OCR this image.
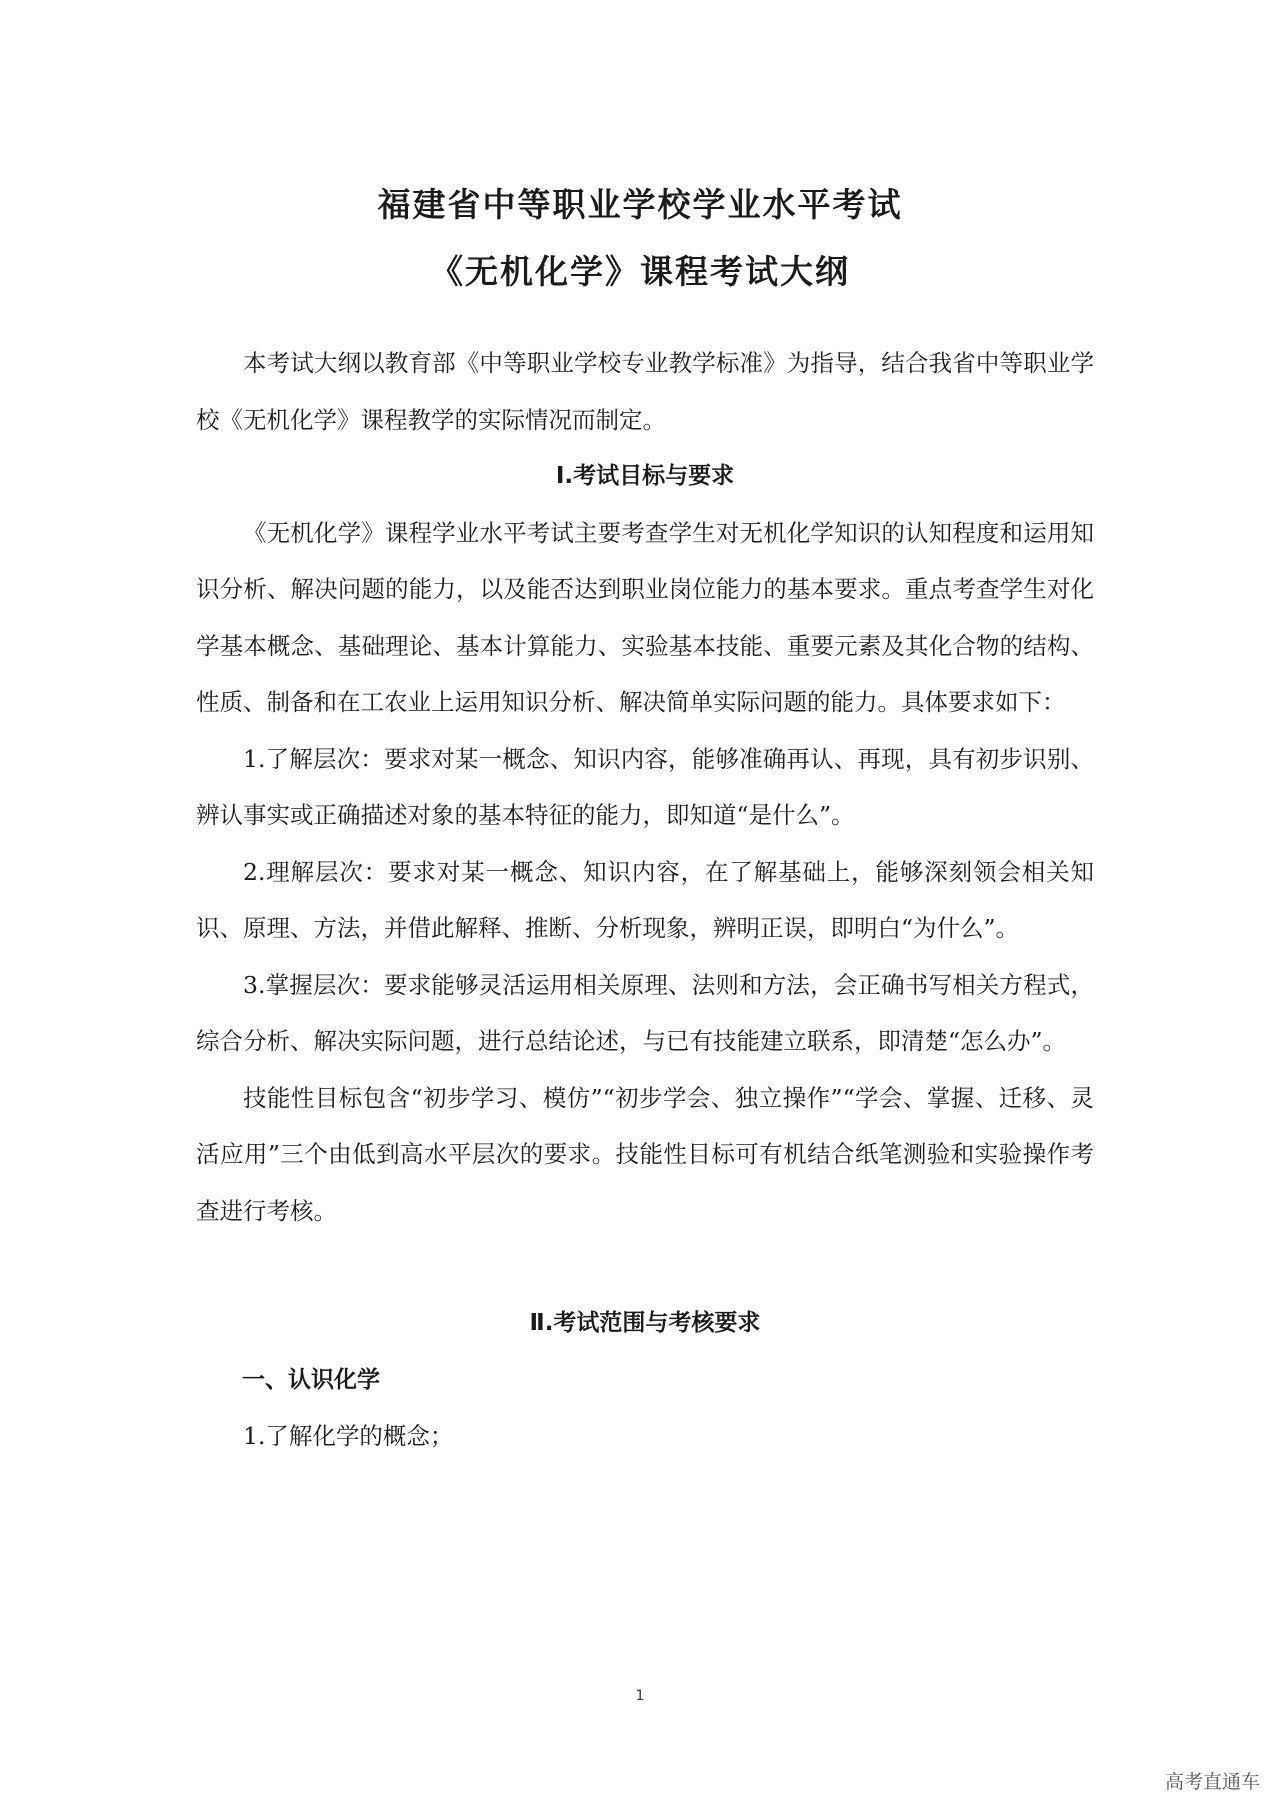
福建省中等职业学校学业水平考试
《无机化学》课程考试大纲

本考试大纲以教育部《中等职业学校专业教学标准》为指导，结合我省中等职业学校《无机化学》课程教学的实际情况而制定。

Ⅰ.考试目标与要求

《无机化学》课程学业水平考试主要考查学生对无机化学知识的认知程度和运用知识分析、解决问题的能力，以及能否达到职业岗位能力的基本要求。重点考查学生对化学基本概念、基础理论、基本计算能力、实验基本技能、重要元素及其化合物的结构、性质、制备和在工农业上运用知识分析、解决简单实际问题的能力。具体要求如下：

1.了解层次：要求对某一概念、知识内容，能够准确再认、再现，具有初步识别、辨认事实或正确描述对象的基本特征的能力，即知道“是什么”。

2.理解层次：要求对某一概念、知识内容，在了解基础上，能够深刻领会相关知识、原理、方法，并借此解释、推断、分析现象，辨明正误，即明白“为什么”。

3.掌握层次：要求能够灵活运用相关原理、法则和方法，会正确书写相关方程式，综合分析、解决实际问题，进行总结论述，与已有技能建立联系，即清楚“怎么办”。

技能性目标包含“初步学习、模仿”“初步学会、独立操作”“学会、掌握、迁移、灵活应用”三个由低到高水平层次的要求。技能性目标可有机结合纸笔测验和实验操作考查进行考核。

Ⅱ.考试范围与考核要求

一、认识化学

1.了解化学的概念；

1
高考直通车
